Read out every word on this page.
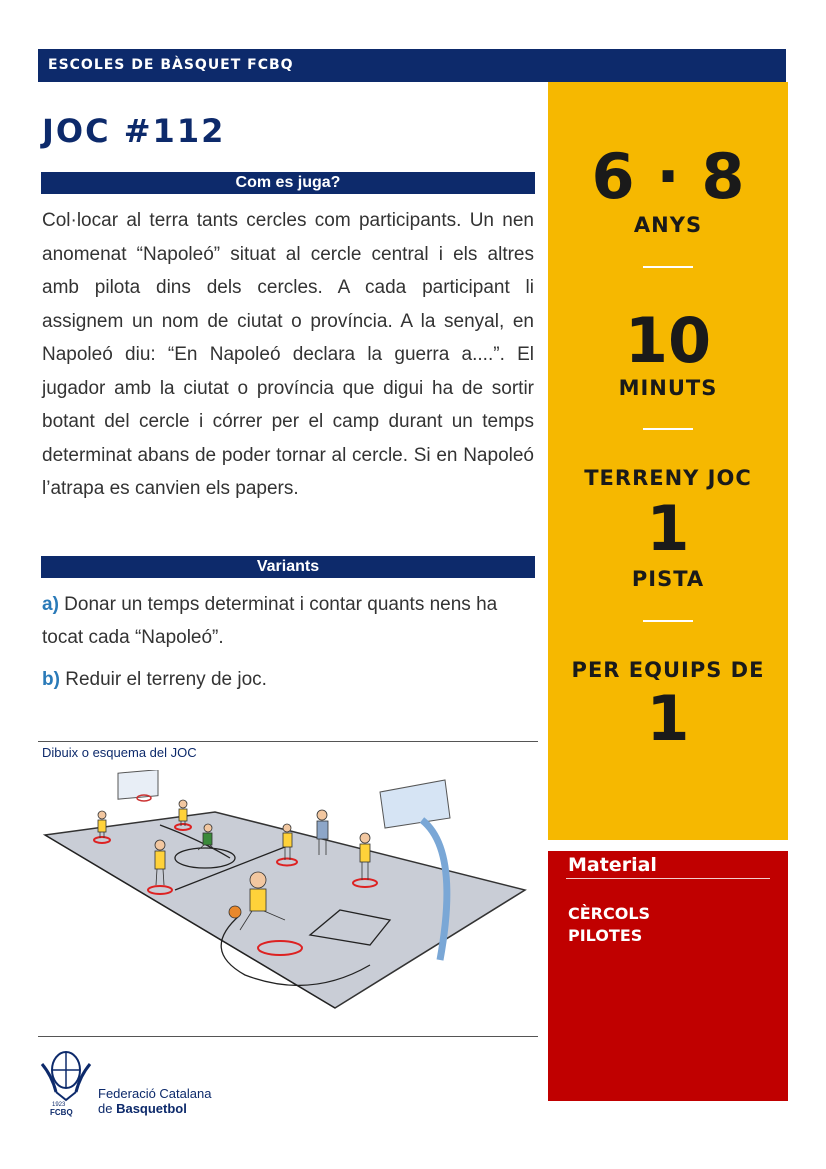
ESCOLES DE BÀSQUET FCBQ
JOC #112
Com es juga?
Col·locar al terra tants cercles com participants. Un nen anomenat “Napoleó” situat al cercle central i els altres amb pilota dins dels cercles. A cada participant li assignem un nom de ciutat o província. A la senyal, en Napoleó diu: “En Napoleó declara la guerra a....”. El jugador amb la ciutat o província que digui ha de sortir botant del cercle i córrer per el camp durant un temps determinat abans de poder tornar al cercle. Si en Napoleó l’atrapa es canvien els papers.
Variants
a) Donar un temps determinat i contar quants nens ha tocat cada “Napoleó”.
b) Reduir el terreny de joc.
Dibuix o esquema del JOC
6 · 8
ANYS
10
MINUTS
TERRENY JOC
1
PISTA
PER EQUIPS DE
1
Material
CÈRCOLS
PILOTES
1923
FCBQ
Federació Catalana
de Basquetbol
